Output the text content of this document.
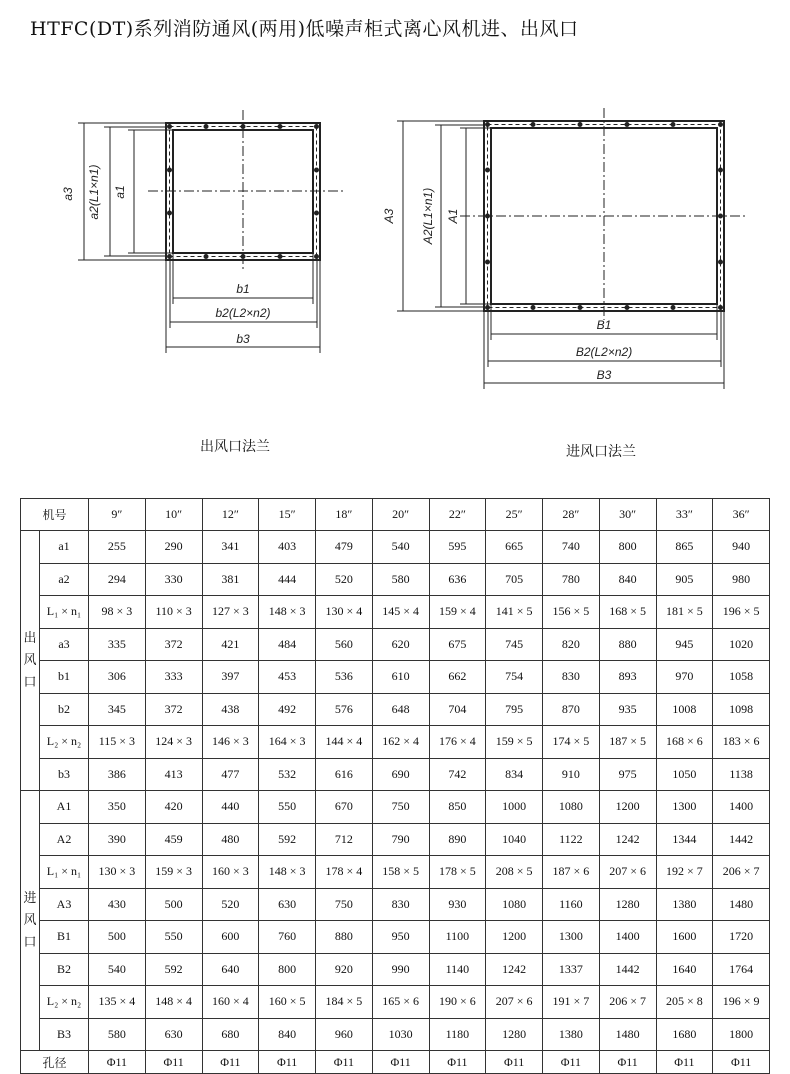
HTFC(DT)系列消防通风(两用)低噪声柜式离心风机进、出风口
a3 a2(L1×n1) a1
b1
b2(L2×n2)
b3
A3 A2(L1×n1) A1
B1
B2(L2×n2)
B3
出风口法兰	进风口法兰
机号		9″	10″	12″	15″	18″	20″	22″	25″	28″	30″	33″	36″
出风口	a1	255	290	341	403	479	540	595	665	740	800	865	940
	a2	294	330	381	444	520	580	636	705	780	840	905	980
	L₁ × n₁	98 × 3	110 × 3	127 × 3	148 × 3	130 × 4	145 × 4	159 × 4	141 × 5	156 × 5	168 × 5	181 × 5	196 × 5
	a3	335	372	421	484	560	620	675	745	820	880	945	1020
	b1	306	333	397	453	536	610	662	754	830	893	970	1058
	b2	345	372	438	492	576	648	704	795	870	935	1008	1098
	L₂ × n₂	115 × 3	124 × 3	146 × 3	164 × 3	144 × 4	162 × 4	176 × 4	159 × 5	174 × 5	187 × 5	168 × 6	183 × 6
	b3	386	413	477	532	616	690	742	834	910	975	1050	1138
进风口	A1	350	420	440	550	670	750	850	1000	1080	1200	1300	1400
	A2	390	459	480	592	712	790	890	1040	1122	1242	1344	1442
	L₁ × n₁	130 × 3	159 × 3	160 × 3	148 × 3	178 × 4	158 × 5	178 × 5	208 × 5	187 × 6	207 × 6	192 × 7	206 × 7
	A3	430	500	520	630	750	830	930	1080	1160	1280	1380	1480
	B1	500	550	600	760	880	950	1100	1200	1300	1400	1600	1720
	B2	540	592	640	800	920	990	1140	1242	1337	1442	1640	1764
	L₂ × n₂	135 × 4	148 × 4	160 × 4	160 × 5	184 × 5	165 × 6	190 × 6	207 × 6	191 × 7	206 × 7	205 × 8	196 × 9
	B3	580	630	680	840	960	1030	1180	1280	1380	1480	1680	1800
孔径		Φ11	Φ11	Φ11	Φ11	Φ11	Φ11	Φ11	Φ11	Φ11	Φ11	Φ11	Φ11
